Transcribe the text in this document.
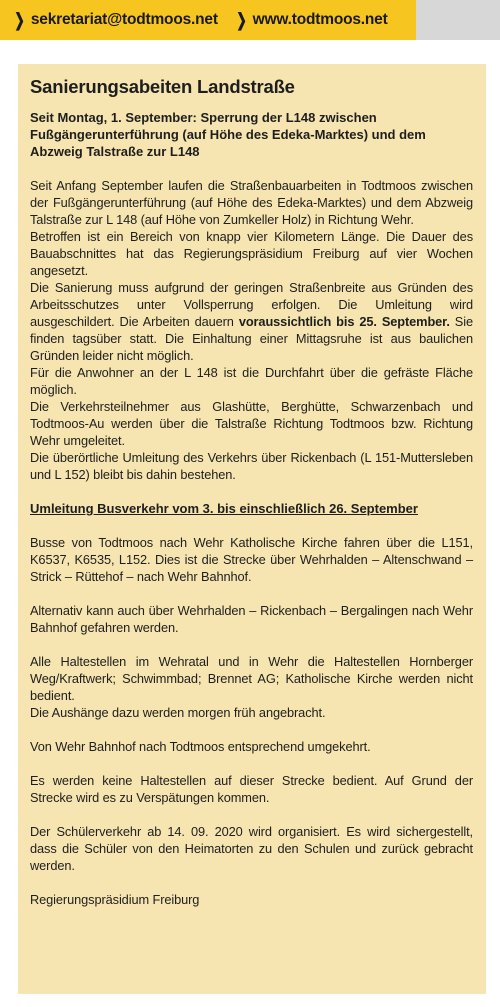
❯ sekretariat@todtmoos.net ❯ www.todtmoos.net
Sanierungsabeiten Landstraße
Seit Montag, 1. September: Sperrung der L148 zwischen Fußgängerunterführung (auf Höhe des Edeka-Marktes) und dem Abzweig Talstraße zur L148

Seit Anfang September laufen die Straßenbauarbeiten in Todtmoos zwischen der Fußgängerunterführung (auf Höhe des Edeka-Marktes) und dem Abzweig Talstraße zur L 148 (auf Höhe von Zumkeller Holz) in Richtung Wehr.

Betroffen ist ein Bereich von knapp vier Kilometern Länge. Die Dauer des Bauabschnittes hat das Regierungspräsidium Freiburg auf vier Wochen angesetzt.

Die Sanierung muss aufgrund der geringen Straßenbreite aus Gründen des Arbeitsschutzes unter Vollsperrung erfolgen. Die Umleitung wird ausgeschildert. Die Arbeiten dauern voraussichtlich bis 25. September. Sie finden tagsüber statt. Die Einhaltung einer Mittagsruhe ist aus baulichen Gründen leider nicht möglich.

Für die Anwohner an der L 148 ist die Durchfahrt über die gefräste Fläche möglich.

Die Verkehrsteilnehmer aus Glashütte, Berghütte, Schwarzenbach und Todtmoos-Au werden über die Talstraße Richtung Todtmoos bzw. Richtung Wehr umgeleitet.

Die überörtliche Umleitung des Verkehrs über Rickenbach (L 151-Muttersleben und L 152) bleibt bis dahin bestehen.

Umleitung Busverkehr vom 3. bis einschließlich 26. September

Busse von Todtmoos nach Wehr Katholische Kirche fahren über die L151, K6537, K6535, L152. Dies ist die Strecke über Wehrhalden – Altenschwand – Strick – Rüttehof – nach Wehr Bahnhof.

Alternativ kann auch über Wehrhalden – Rickenbach – Bergalingen nach Wehr Bahnhof gefahren werden.

Alle Haltestellen im Wehratal und in Wehr die Haltestellen Hornberger Weg/Kraftwerk; Schwimmbad; Brennet AG; Katholische Kirche werden nicht bedient.

Die Aushänge dazu werden morgen früh angebracht.

Von Wehr Bahnhof nach Todtmoos entsprechend umgekehrt.

Es werden keine Haltestellen auf dieser Strecke bedient. Auf Grund der Strecke wird es zu Verspätungen kommen.

Der Schülerverkehr ab 14. 09. 2020 wird organisiert. Es wird sichergestellt, dass die Schüler von den Heimatorten zu den Schulen und zurück gebracht werden.

Regierungspräsidium Freiburg
